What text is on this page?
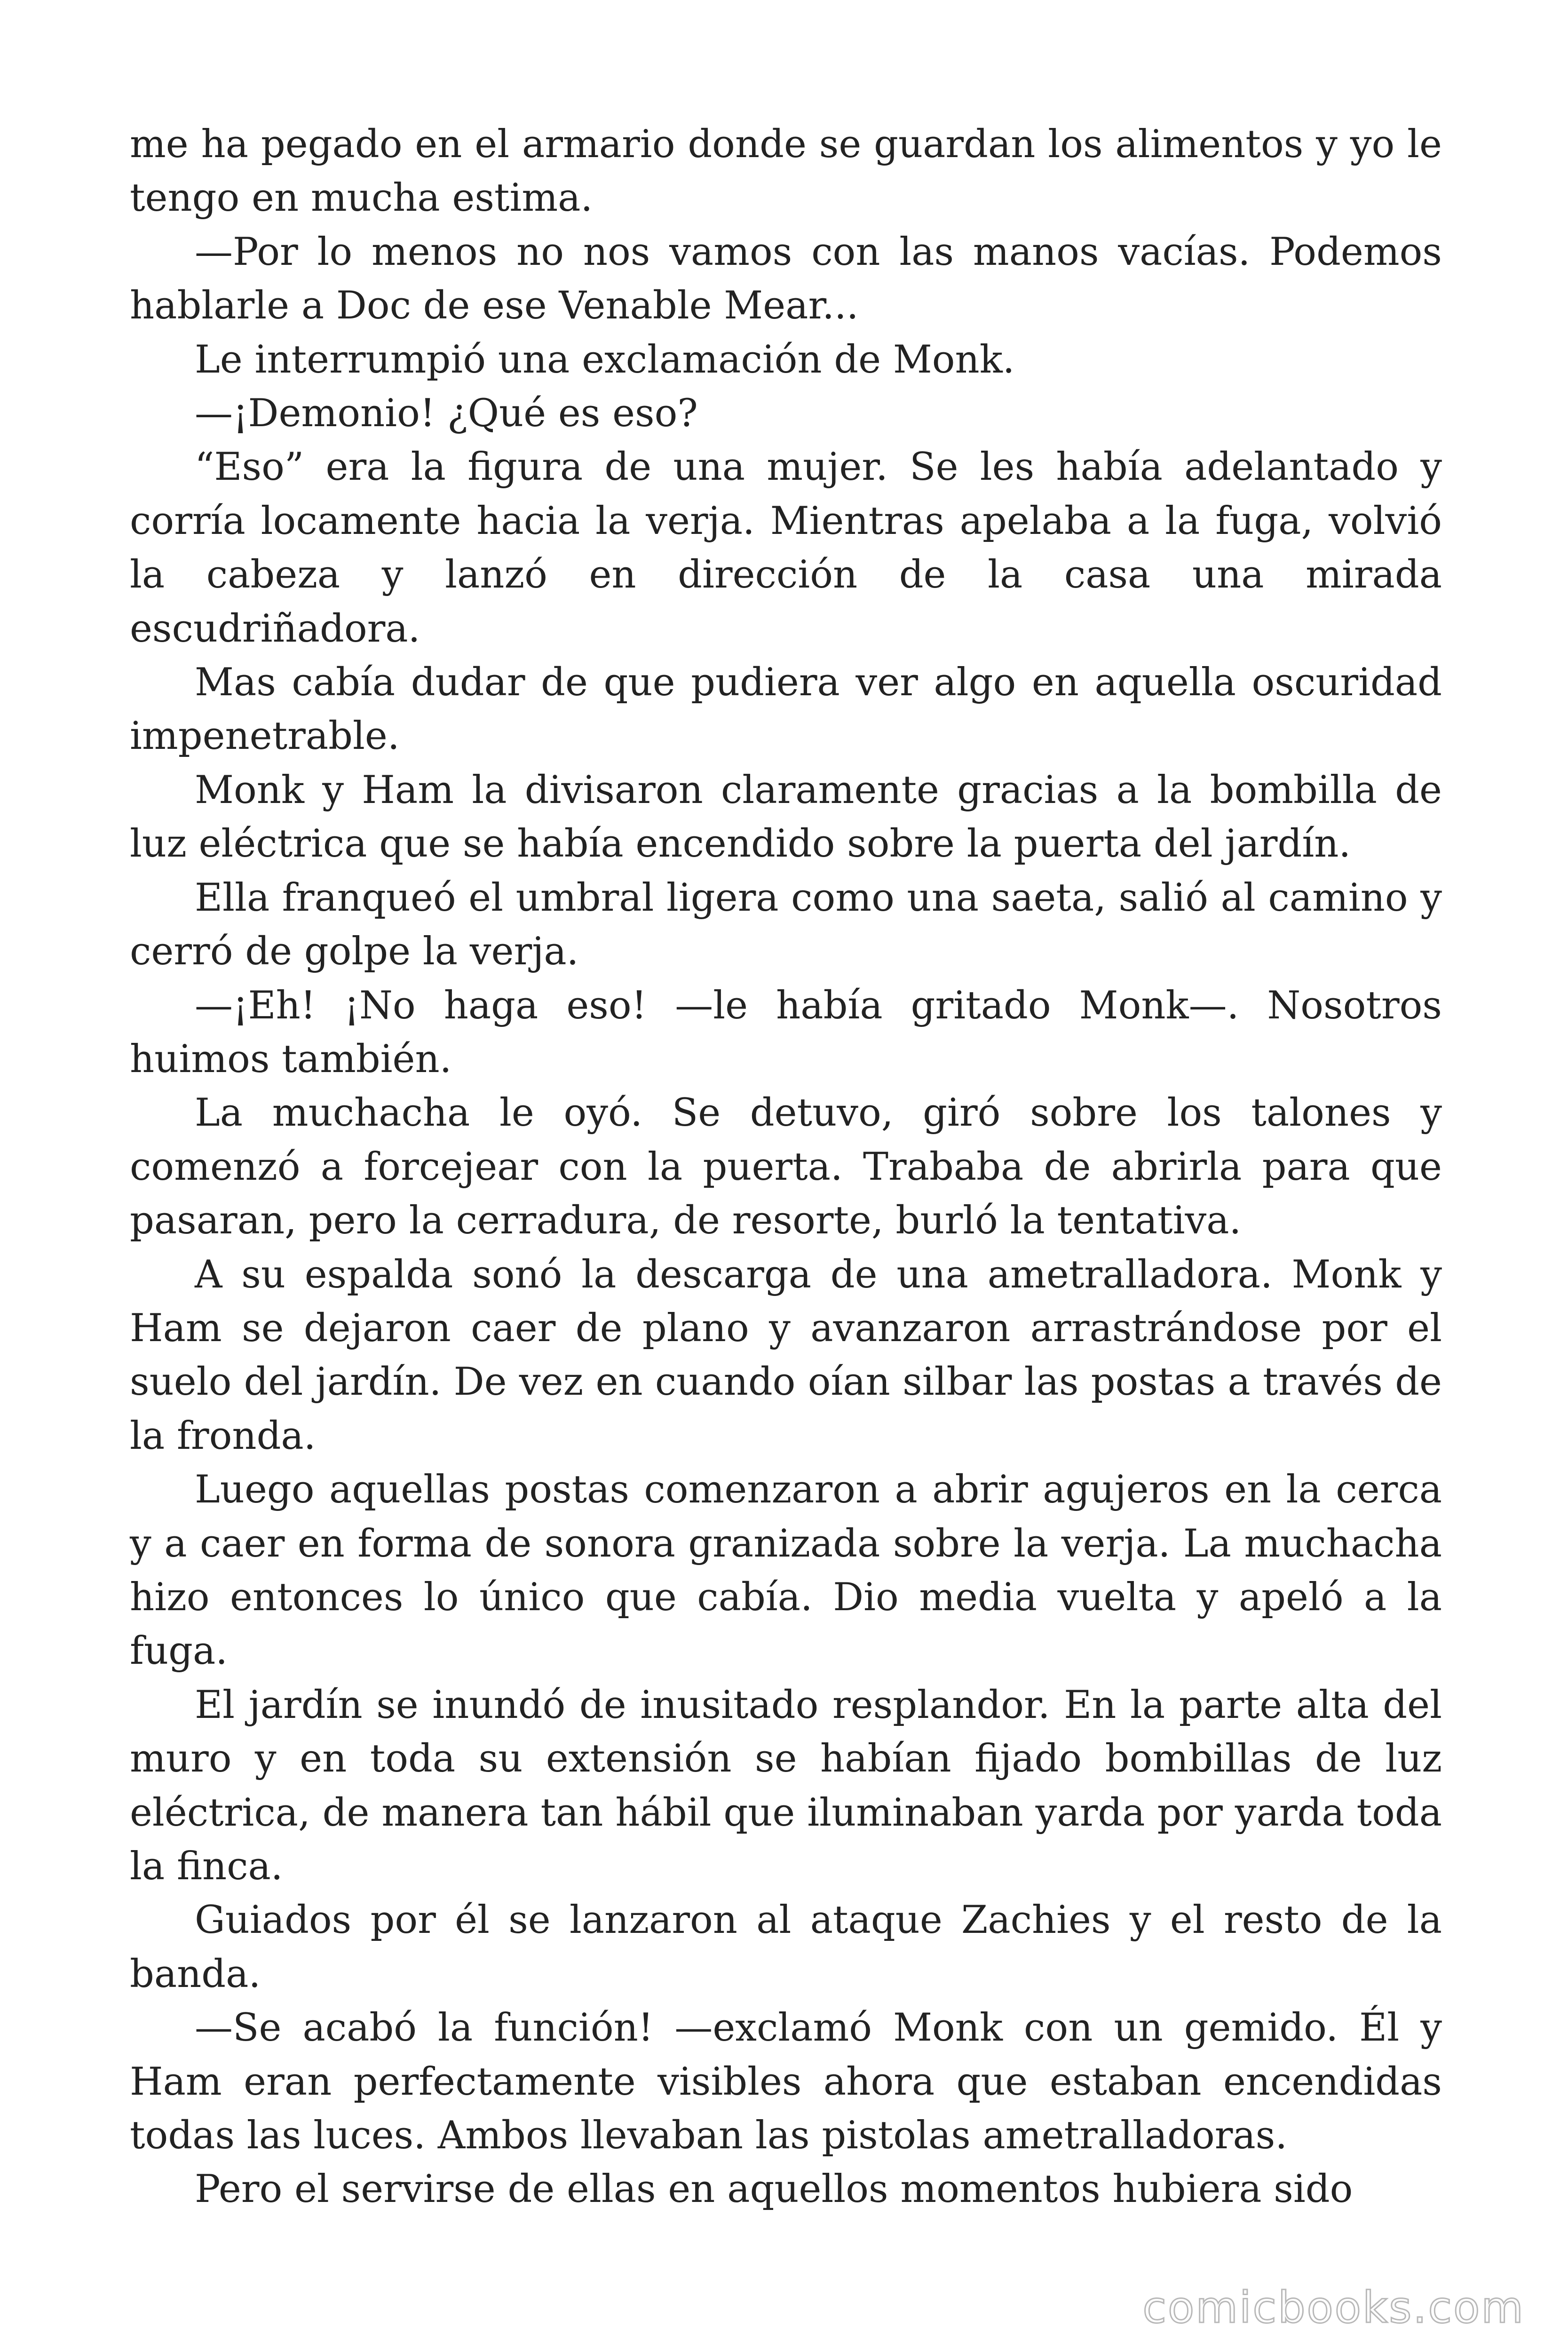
me ha pegado en el armario donde se guardan los alimentos y yo le tengo en mucha estima.

—Por lo menos no nos vamos con las manos vacías. Podemos hablarle a Doc de ese Venable Mear...

Le interrumpió una exclamación de Monk.

—¡Demonio! ¿Qué es eso?

“Eso” era la figura de una mujer. Se les había adelantado y corría locamente hacia la verja. Mientras apelaba a la fuga, volvió la cabeza y lanzó en dirección de la casa una mirada escudriñadora.

Mas cabía dudar de que pudiera ver algo en aquella oscuridad impenetrable.

Monk y Ham la divisaron claramente gracias a la bombilla de luz eléctrica que se había encendido sobre la puerta del jardín.

Ella franqueó el umbral ligera como una saeta, salió al camino y cerró de golpe la verja.

—¡Eh! ¡No haga eso! —le había gritado Monk—. Nosotros huimos también.

La muchacha le oyó. Se detuvo, giró sobre los talones y comenzó a forcejear con la puerta. Trababa de abrirla para que pasaran, pero la cerradura, de resorte, burló la tentativa.

A su espalda sonó la descarga de una ametralladora. Monk y Ham se dejaron caer de plano y avanzaron arrastrándose por el suelo del jardín. De vez en cuando oían silbar las postas a través de la fronda.

Luego aquellas postas comenzaron a abrir agujeros en la cerca y a caer en forma de sonora granizada sobre la verja. La muchacha hizo entonces lo único que cabía. Dio media vuelta y apeló a la fuga.

El jardín se inundó de inusitado resplandor. En la parte alta del muro y en toda su extensión se habían fijado bombillas de luz eléctrica, de manera tan hábil que iluminaban yarda por yarda toda la finca.

Guiados por él se lanzaron al ataque Zachies y el resto de la banda.

—Se acabó la función! —exclamó Monk con un gemido. Él y Ham eran perfectamente visibles ahora que estaban encendidas todas las luces. Ambos llevaban las pistolas ametralladoras.

Pero el servirse de ellas en aquellos momentos hubiera sido

comicbooks.com
